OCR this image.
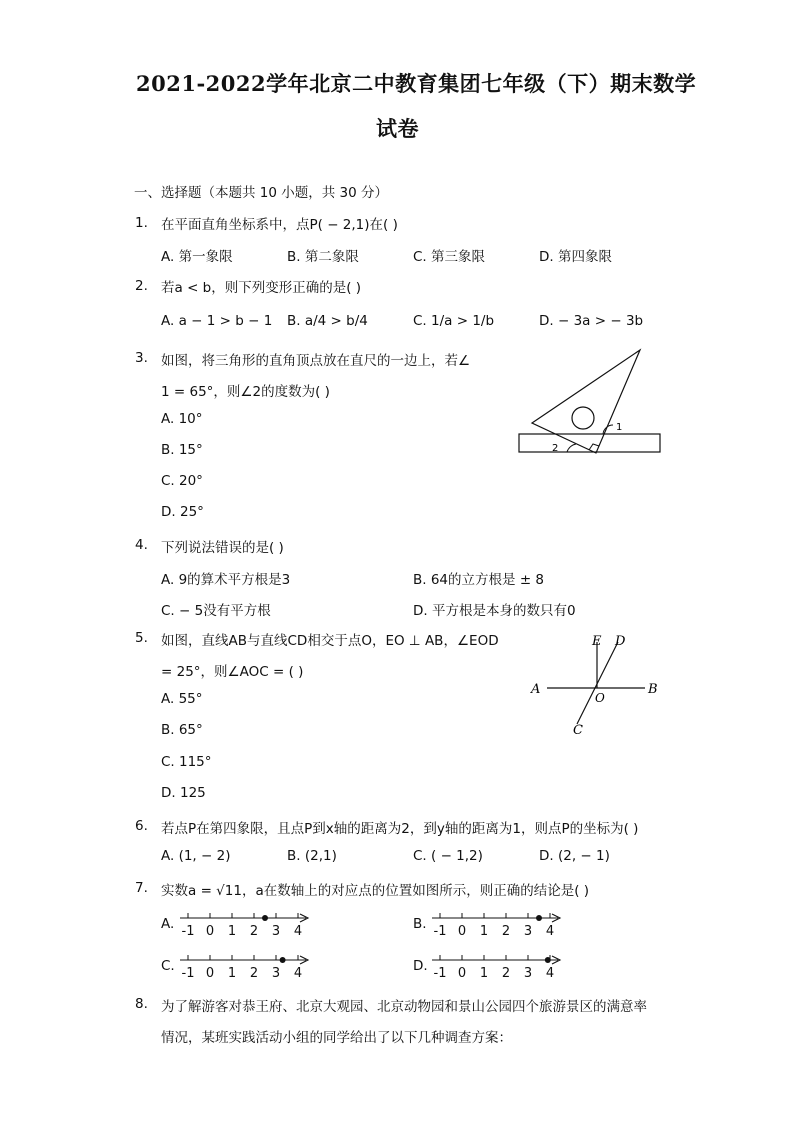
2021-2022学年北京二中教育集团七年级（下）期末数学
试卷
一、选择题（本题共 10 小题，共 30 分）
1. 在平面直角坐标系中，点P( − 2,1)在( )
A. 第一象限	B. 第二象限	C. 第三象限	D. 第四象限
2. 若a < b，则下列变形正确的是( )
A. a − 1 > b − 1 B. a/4 > b/4	C. 1/a > 1/b	D. − 3a > − 3b
3. 如图，将三角形的直角顶点放在直尺的一边上，若∠
1 = 65°，则∠2的度数为( )
A. 10°
B. 15°
C. 20°
D. 25°
1
2
4. 下列说法错误的是( )
A. 9的算术平方根是3	B. 64的立方根是 ± 8
C. − 5没有平方根	D. 平方根是本身的数只有0
5. 如图，直线AB与直线CD相交于点O，EO ⊥ AB，∠EOD
= 25°，则∠AOC = ( )
A. 55°
B. 65°
C. 115°
D. 125
E D
A	B
O
C
6. 若点P在第四象限，且点P到x轴的距离为2，到y轴的距离为1，则点P的坐标为( )
A. (1, − 2)	B. (2,1)	C. ( − 1,2)	D. (2, − 1)
7. 实数a = √11，a在数轴上的对应点的位置如图所示，则正确的结论是( )
A.	B.
C.	D.
-1 0 1 2 3 4	-1 0 1 2 3 4
-1 0 1 2 3 4	-1 0 1 2 3 4
8. 为了解游客对恭王府、北京大观园、北京动物园和景山公园四个旅游景区的满意率
情况，某班实践活动小组的同学给出了以下几种调查方案：
